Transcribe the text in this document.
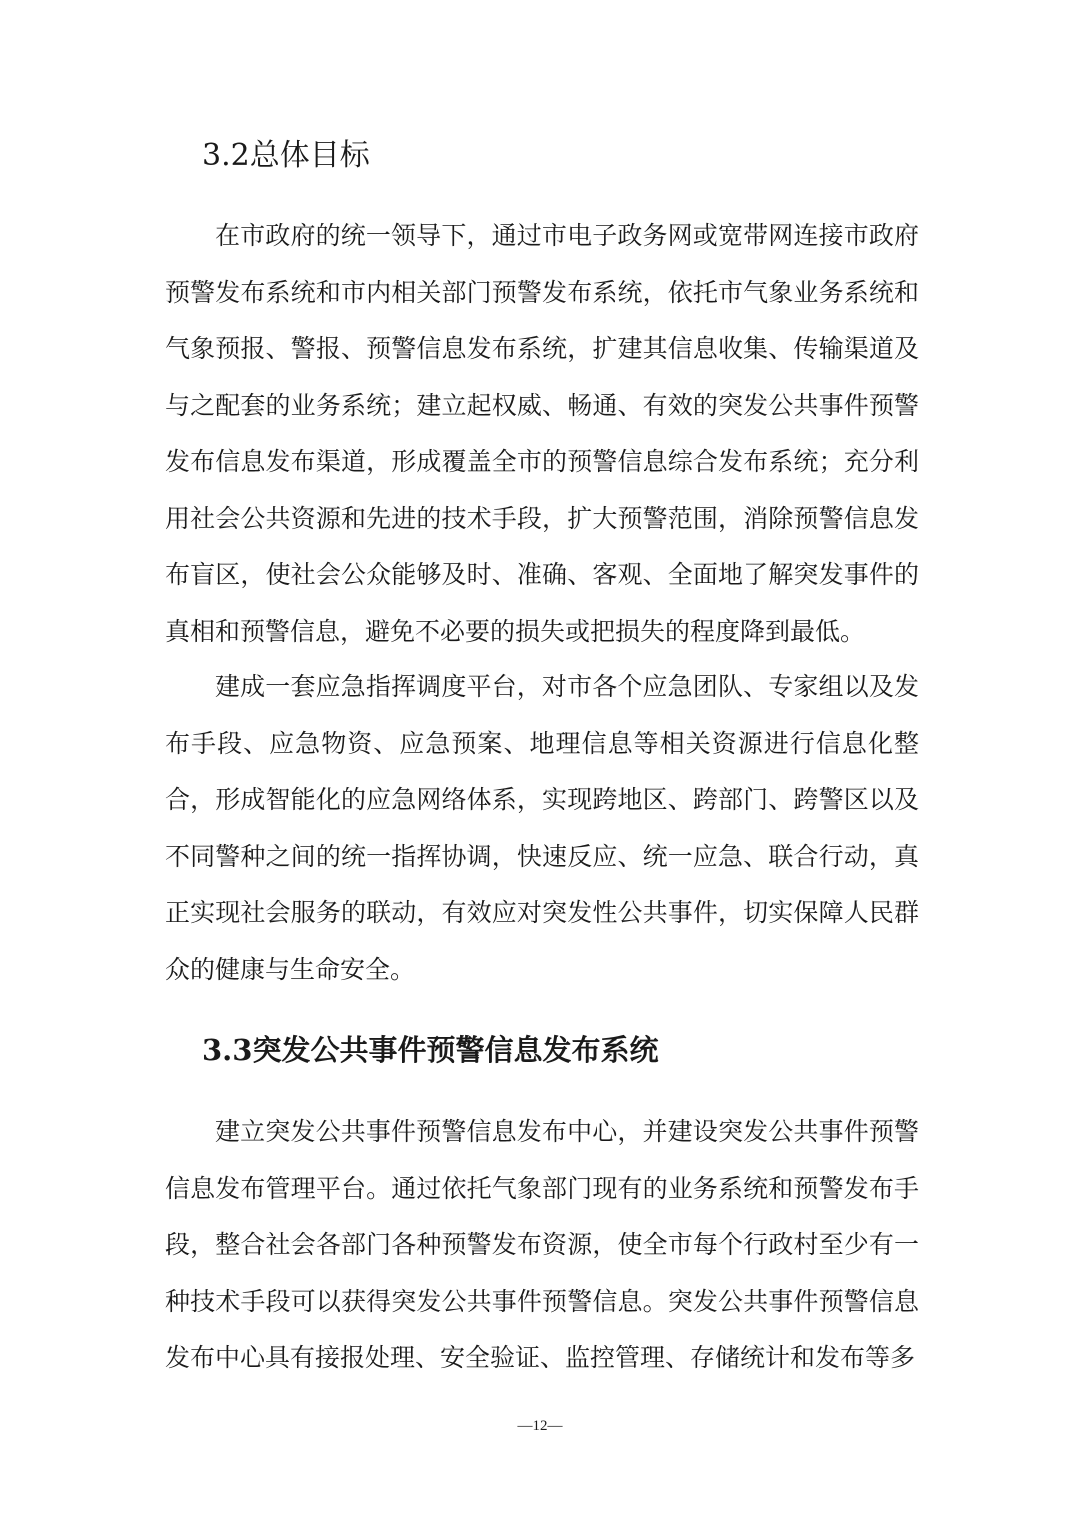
3.2总体目标

在市政府的统一领导下，通过市电子政务网或宽带网连接市政府预警发布系统和市内相关部门预警发布系统，依托市气象业务系统和气象预报、警报、预警信息发布系统，扩建其信息收集、传输渠道及与之配套的业务系统；建立起权威、畅通、有效的突发公共事件预警发布信息发布渠道，形成覆盖全市的预警信息综合发布系统；充分利用社会公共资源和先进的技术手段，扩大预警范围，消除预警信息发布盲区，使社会公众能够及时、准确、客观、全面地了解突发事件的真相和预警信息，避免不必要的损失或把损失的程度降到最低。

建成一套应急指挥调度平台，对市各个应急团队、专家组以及发布手段、应急物资、应急预案、地理信息等相关资源进行信息化整合，形成智能化的应急网络体系，实现跨地区、跨部门、跨警区以及不同警种之间的统一指挥协调，快速反应、统一应急、联合行动，真正实现社会服务的联动，有效应对突发性公共事件，切实保障人民群众的健康与生命安全。

3.3突发公共事件预警信息发布系统

建立突发公共事件预警信息发布中心，并建设突发公共事件预警信息发布管理平台。通过依托气象部门现有的业务系统和预警发布手段，整合社会各部门各种预警发布资源，使全市每个行政村至少有一种技术手段可以获得突发公共事件预警信息。突发公共事件预警信息发布中心具有接报处理、安全验证、监控管理、存储统计和发布等多

—12—
